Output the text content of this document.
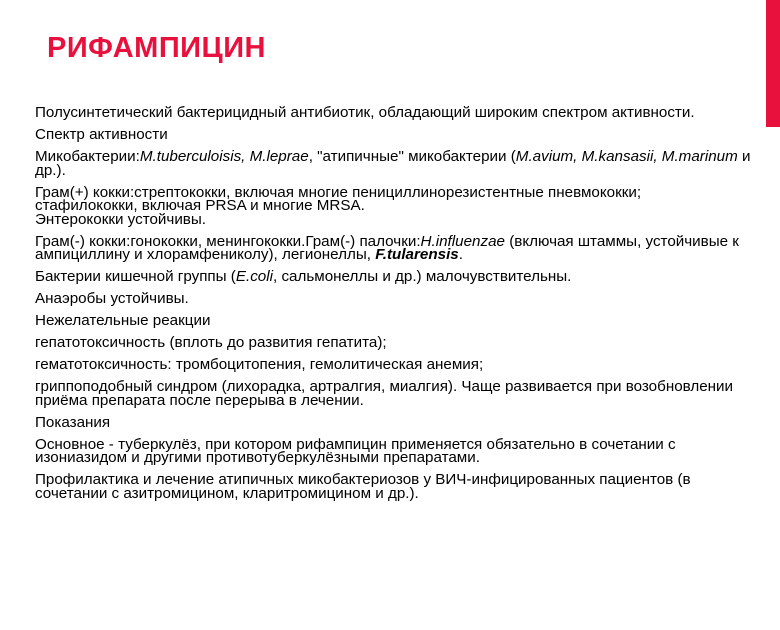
РИФАМПИЦИН
Полусинтетический бактерицидный антибиотик, обладающий широким спектром активности.
Спектр активности
Микобактерии:M.tuberculoisis, M.leprae, "атипичные" микобактерии (M.avium, M.kansasii, M.marinum и др.).
Грам(+) кокки:стрептококки, включая многие пенициллинорезистентные пневмококки;
стафилококки, включая PRSA и многие MRSA.
Энтерококки устойчивы.
Грам(-) кокки:гонококки, менингококки.Грам(-) палочки:H.influenzae (включая штаммы, устойчивые к ампициллину и хлорамфениколу), легионеллы, F.tularensis.
Бактерии кишечной группы (E.coli, сальмонеллы и др.) малочувствительны.
Анаэробы устойчивы.
Нежелательные реакции
гепатотоксичность (вплоть до развития гепатита);
гематотоксичность: тромбоцитопения, гемолитическая анемия;
гриппоподобный синдром (лихорадка, артралгия, миалгия). Чаще развивается при возобновлении приёма препарата после перерыва в лечении.
Показания
Основное - туберкулёз, при котором рифампицин применяется обязательно в сочетании с изониазидом и другими противотуберкулёзными препаратами.
Профилактика и лечение атипичных микобактериозов у ВИЧ-инфицированных пациентов (в сочетании с азитромицином, кларитромицином и др.).
